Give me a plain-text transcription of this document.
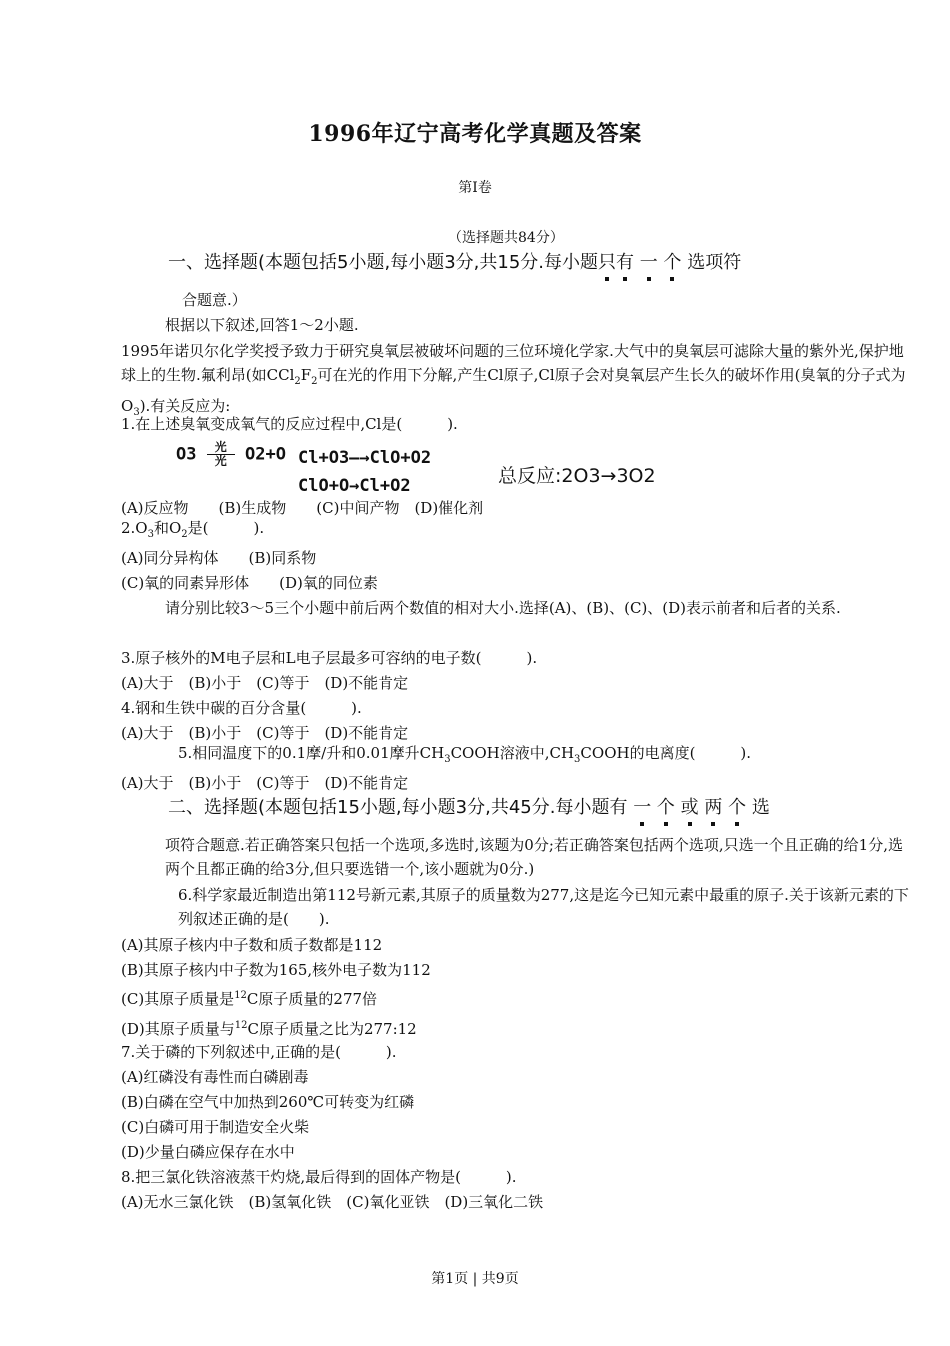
1996年辽宁高考化学真题及答案
第I卷
（选择题共84分）
一、选择题(本题包括5小题,每小题3分,共15分.每小题只有 一 个 选项符
合题意.）
根据以下叙述,回答1～2小题.
1995年诺贝尔化学奖授予致力于研究臭氧层被破坏问题的三位环境化学家.大气中的臭氧层可滤除大量的紫外光,保护地球上的生物.氟利昂(如$CCl_2F_2$可在光的作用下分解,产生Cl原子,Cl原子会对臭氧层产生长久的破坏作用(臭氧的分子式为$O_3$).有关反应为:
1.在上述臭氧变成氧气的反应过程中,Cl是(　　　).
$O3 \frac{\text{光}}{\text{光}} O2+O$ Cl+O3—→ClO+O2
ClO+O→Cl+O2	总反应:2O3→3O2
(A)反应物　　(B)生成物　　(C)中间产物　(D)催化剂
$2.O_3$和$O_2$是(　　　).
(A)同分异构体　　(B)同系物
(C)氧的同素异形体　　(D)氧的同位素
请分别比较3～5三个小题中前后两个数值的相对大小.选择(A)、(B)、(C)、(D)表示前者和后者的关系.
3.原子核外的M电子层和L电子层最多可容纳的电子数(　　　).
(A)大于　(B)小于　(C)等于　(D)不能肯定
4.钢和生铁中碳的百分含量(　　　).
(A)大于　(B)小于　(C)等于　(D)不能肯定
5.相同温度下的0.1摩/升和0.01摩升$CH_3COOH$溶液中$,CH_3COOH$的电离度(　　　).
(A)大于　(B)小于　(C)等于　(D)不能肯定
二、选择题(本题包括15小题,每小题3分,共45分.每小题有 一 个 或 两 个 选
项符合题意.若正确答案只包括一个选项,多选时,该题为0分;若正确答案包括两个选项,只选一个且正确的给1分,选两个且都正确的给3分,但只要选错一个,该小题就为0分.)
6.科学家最近制造出第112号新元素,其原子的质量数为277,这是迄今已知元素中最重的原子.关于该新元素的下列叙述正确的是(　　).
(A)其原子核内中子数和质子数都是112
(B)其原子核内中子数为165,核外电子数为112
(C)其原子质量是$^{12}$C原子质量的277倍
(D)其原子质量与$^{12}$C原子质量之比为277:12
7.关于磷的下列叙述中,正确的是(　　　).
(A)红磷没有毒性而白磷剧毒
(B)白磷在空气中加热到260℃可转变为红磷
(C)白磷可用于制造安全火柴
(D)少量白磷应保存在水中
8.把三氯化铁溶液蒸干灼烧,最后得到的固体产物是(　　　).
(A)无水三氯化铁　(B)氢氧化铁　(C)氧化亚铁　(D)三氧化二铁
第1页 | 共9页
